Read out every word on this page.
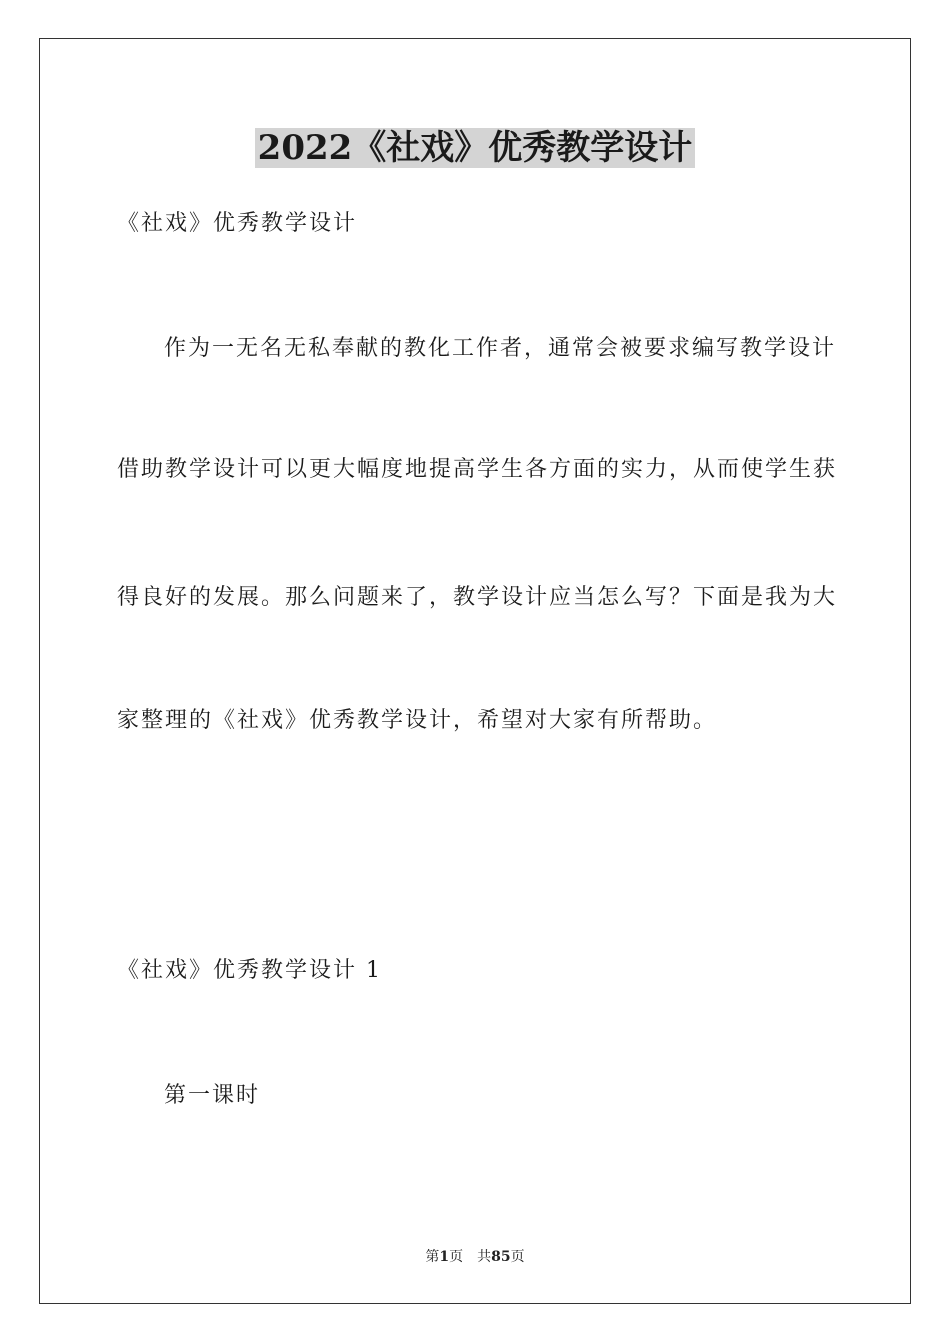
2022《社戏》优秀教学设计
《社戏》优秀教学设计
作为一无名无私奉献的教化工作者，通常会被要求编写教学设计
借助教学设计可以更大幅度地提高学生各方面的实力，从而使学生获
得良好的发展。那么问题来了，教学设计应当怎么写？下面是我为大
家整理的《社戏》优秀教学设计，希望对大家有所帮助。
《社戏》优秀教学设计 1
第一课时
第1页 共85页
